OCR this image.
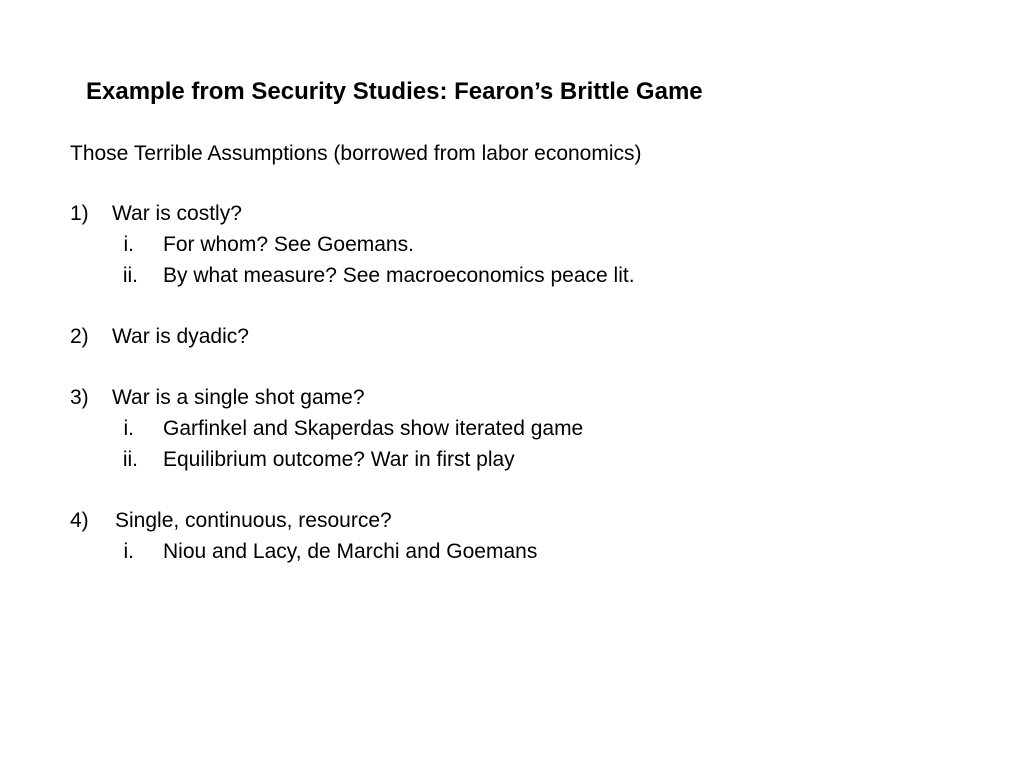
Example from Security Studies: Fearon’s Brittle Game
Those Terrible Assumptions (borrowed from labor economics)
1) War is costly?
i. For whom? See Goemans.
ii. By what measure? See macroeconomics peace lit.
2) War is dyadic?
3) War is a single shot game?
i. Garfinkel and Skaperdas show iterated game
ii. Equilibrium outcome? War in first play
4) Single, continuous, resource?
i. Niou and Lacy, de Marchi and Goemans
